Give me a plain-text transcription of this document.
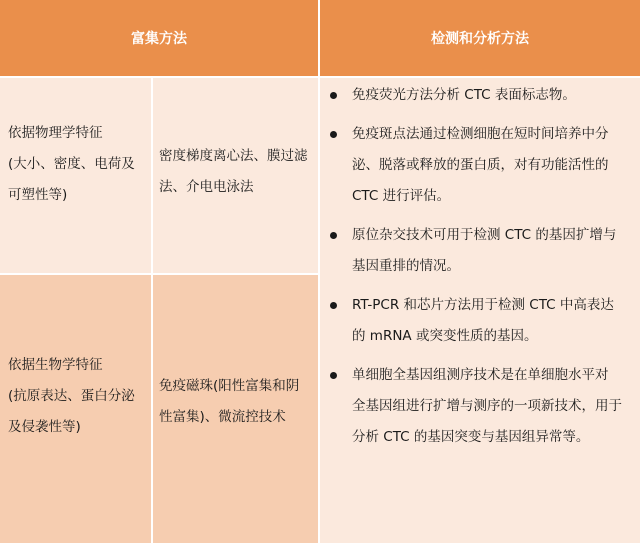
富集方法	检测和分析方法
依据物理学特征
(大小、密度、电荷及
可塑性等)
密度梯度离心法、膜过滤
法、介电电泳法
依据生物学特征
(抗原表达、蛋白分泌
及侵袭性等)
免疫磁珠(阳性富集和阴
性富集)、微流控技术
免疫荧光方法分析 CTC 表面标志物。
免疫斑点法通过检测细胞在短时间培养中分
泌、脱落或释放的蛋白质，对有功能活性的
CTC 进行评估。
原位杂交技术可用于检测 CTC 的基因扩增与
基因重排的情况。
RT-PCR 和芯片方法用于检测 CTC 中高表达
的 mRNA 或突变性质的基因。
单细胞全基因组测序技术是在单细胞水平对
全基因组进行扩增与测序的一项新技术，用于
分析 CTC 的基因突变与基因组异常等。
